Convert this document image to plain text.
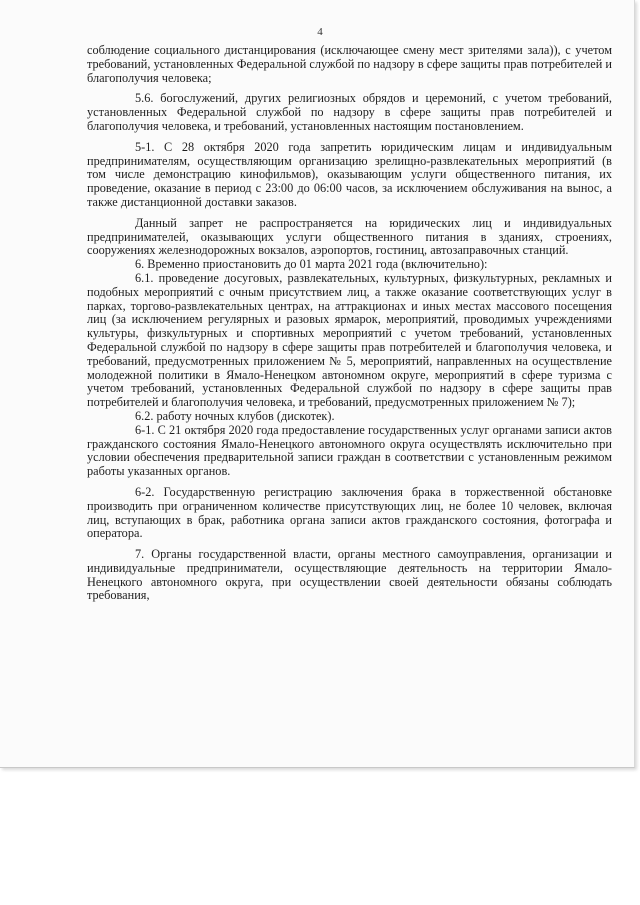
4

соблюдение социального дистанцирования (исключающее смену мест зрителями зала)), с учетом требований, установленных Федеральной службой по надзору в сфере защиты прав потребителей и благополучия человека;

5.6. богослужений, других религиозных обрядов и церемоний, с учетом требований, установленных Федеральной службой по надзору в сфере защиты прав потребителей и благополучия человека, и требований, установленных настоящим постановлением.

5-1. С 28 октября 2020 года запретить юридическим лицам и индивидуальным предпринимателям, осуществляющим организацию зрелищно-развлекательных мероприятий (в том числе демонстрацию кинофильмов), оказывающим услуги общественного питания, их проведение, оказание в период с 23:00 до 06:00 часов, за исключением обслуживания на вынос, а также дистанционной доставки заказов.

Данный запрет не распространяется на юридических лиц и индивидуальных предпринимателей, оказывающих услуги общественного питания в зданиях, строениях, сооружениях железнодорожных вокзалов, аэропортов, гостиниц, автозаправочных станций.

6. Временно приостановить до 01 марта 2021 года (включительно):

6.1. проведение досуговых, развлекательных, культурных, физкультурных, рекламных и подобных мероприятий с очным присутствием лиц, а также оказание соответствующих услуг в парках, торгово-развлекательных центрах, на аттракционах и иных местах массового посещения лиц (за исключением регулярных и разовых ярмарок, мероприятий, проводимых учреждениями культуры, физкультурных и спортивных мероприятий с учетом требований, установленных Федеральной службой по надзору в сфере защиты прав потребителей и благополучия человека, и требований, предусмотренных приложением № 5, мероприятий, направленных на осуществление молодежной политики в Ямало-Ненецком автономном округе, мероприятий в сфере туризма с учетом требований, установленных Федеральной службой по надзору в сфере защиты прав потребителей и благополучия человека, и требований, предусмотренных приложением № 7);

6.2. работу ночных клубов (дискотек).

6-1. С 21 октября 2020 года предоставление государственных услуг органами записи актов гражданского состояния Ямало-Ненецкого автономного округа осуществлять исключительно при условии обеспечения предварительной записи граждан в соответствии с установленным режимом работы указанных органов.

6-2. Государственную регистрацию заключения брака в торжественной обстановке производить при ограниченном количестве присутствующих лиц, не более 10 человек, включая лиц, вступающих в брак, работника органа записи актов гражданского состояния, фотографа и оператора.

7. Органы государственной власти, органы местного самоуправления, организации и индивидуальные предприниматели, осуществляющие деятельность на территории Ямало-Ненецкого автономного округа, при осуществлении своей деятельности обязаны соблюдать требования,
